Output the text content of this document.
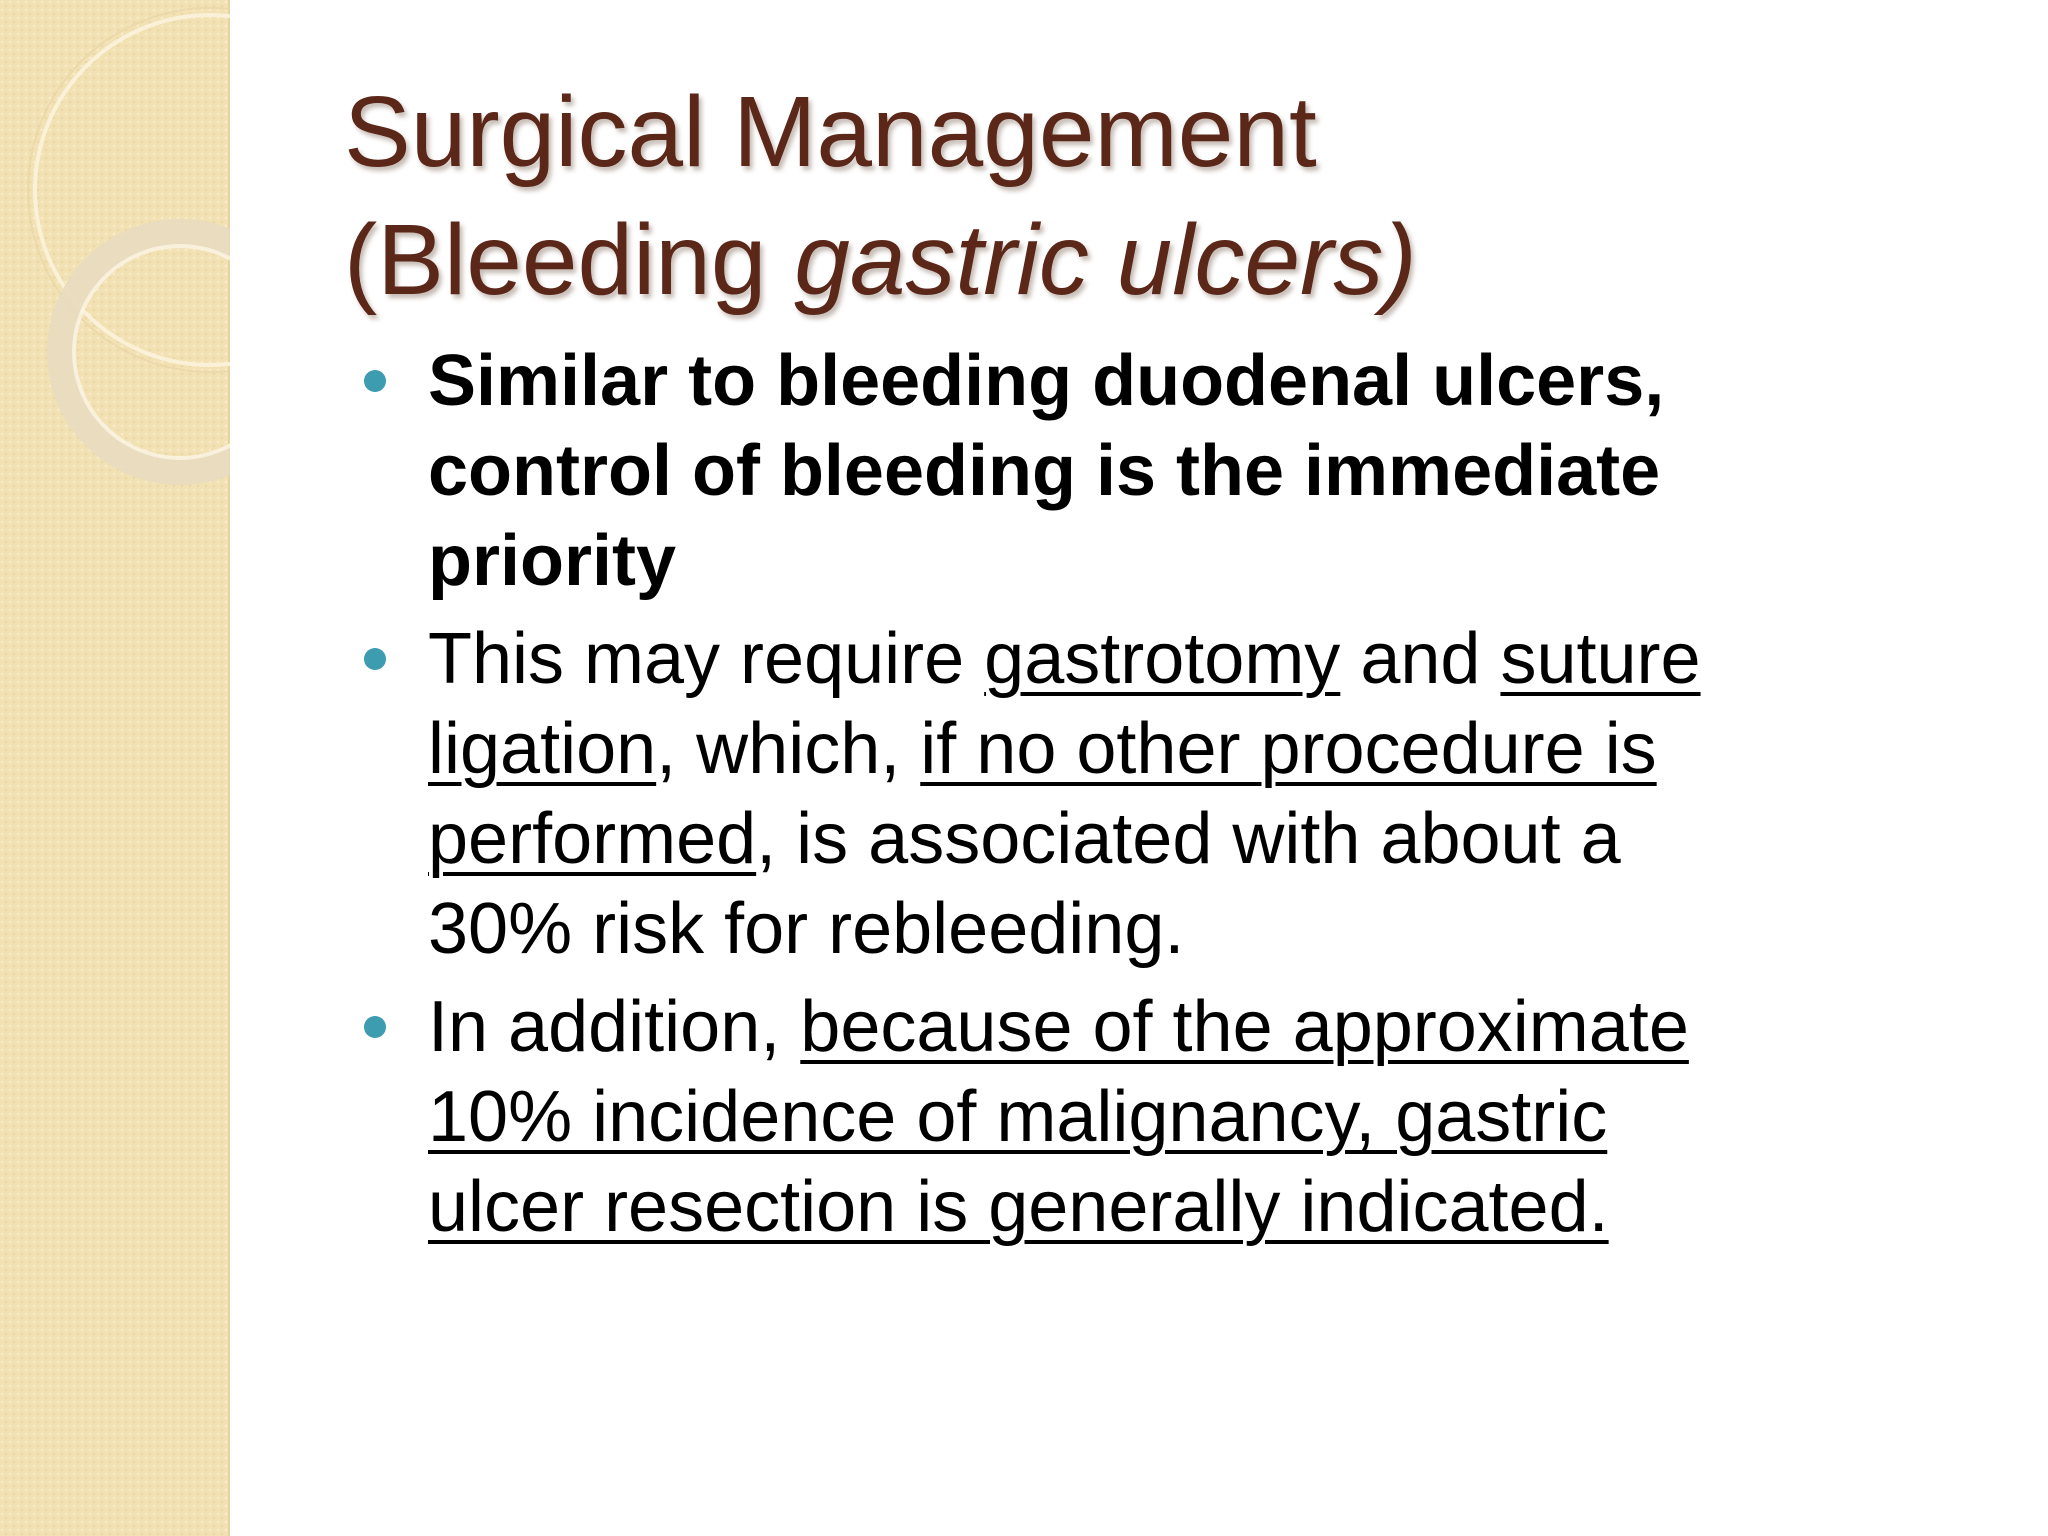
Surgical Management
(Bleeding gastric ulcers)
Similar to bleeding duodenal ulcers,
control of bleeding is the immediate
priority
This may require gastrotomy and suture
ligation, which, if no other procedure is
performed, is associated with about a
30% risk for rebleeding.
In addition, because of the approximate
10% incidence of malignancy, gastric
ulcer resection is generally indicated.
